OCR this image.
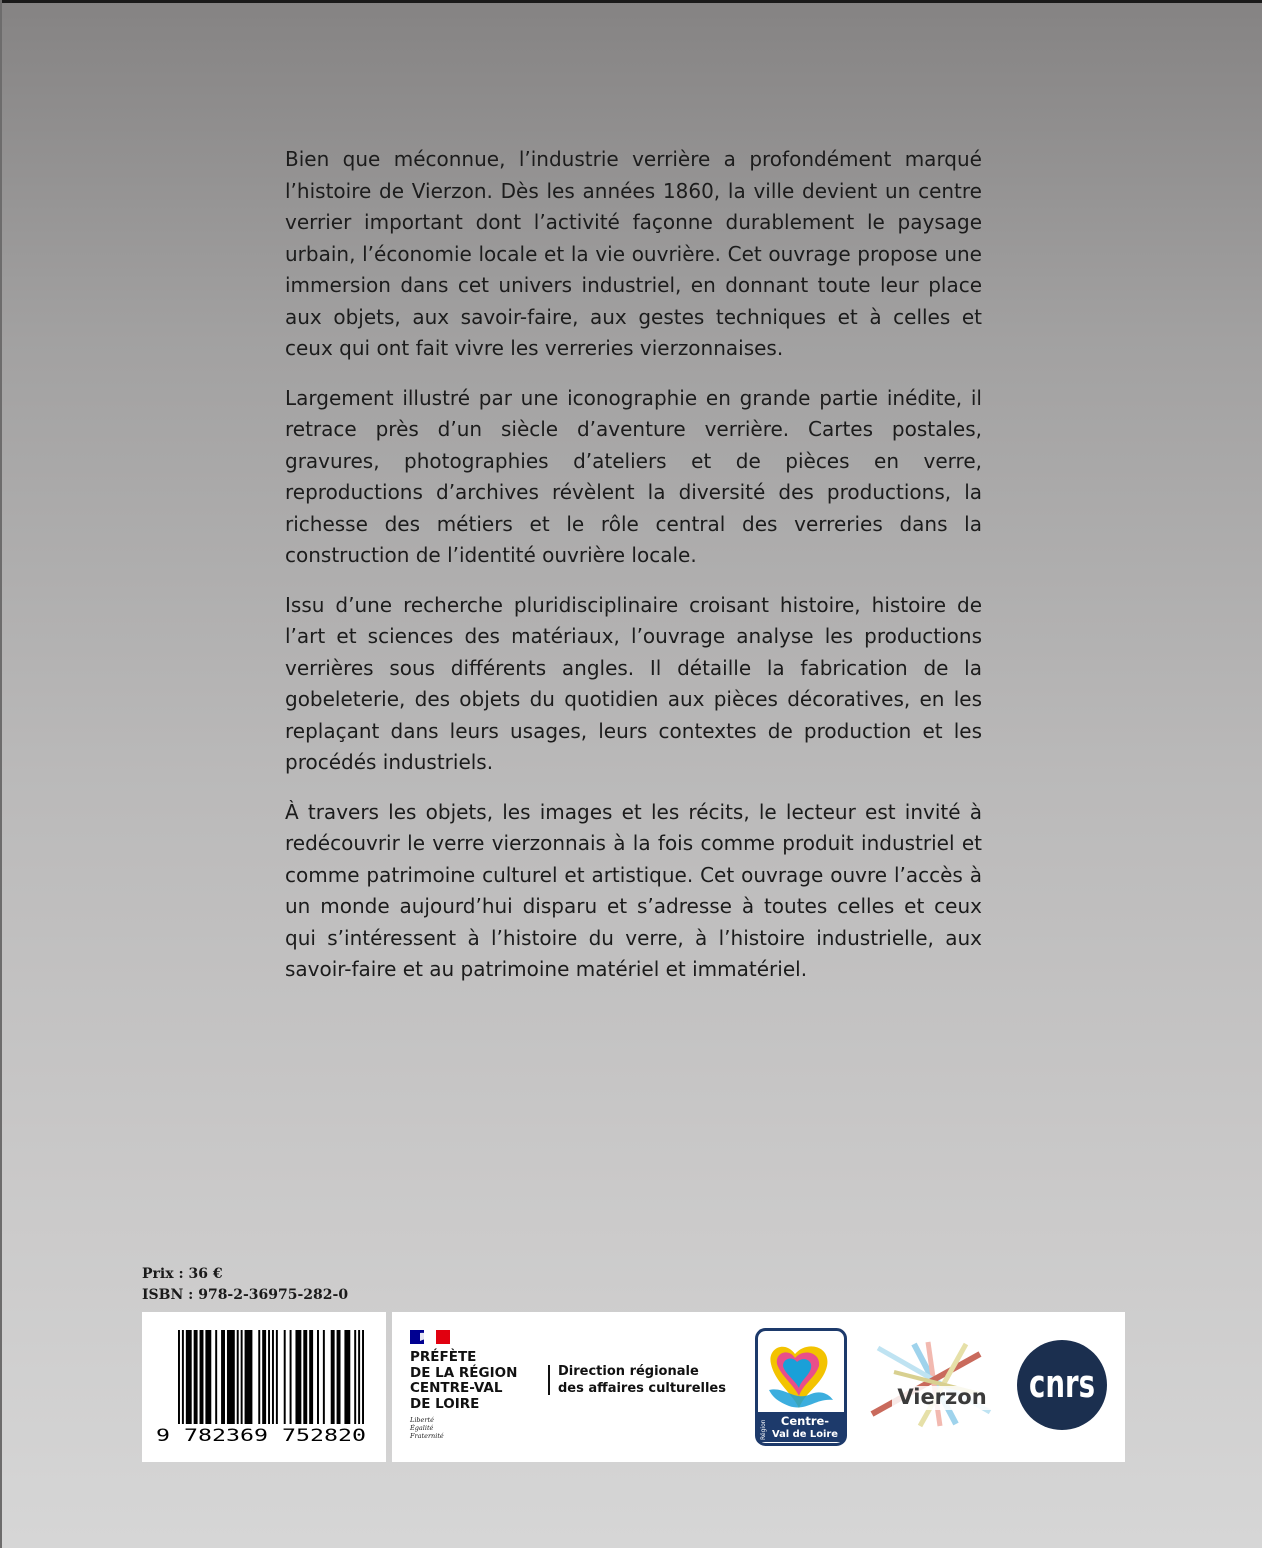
Bien que méconnue, l’industrie verrière a profondément marqué l’histoire de Vierzon. Dès les années 1860, la ville devient un centre verrier important dont l’activité façonne durablement le paysage urbain, l’économie locale et la vie ouvrière. Cet ouvrage propose une immersion dans cet univers industriel, en donnant toute leur place aux objets, aux savoir-faire, aux gestes techniques et à celles et ceux qui ont fait vivre les verreries vierzonnaises.

Largement illustré par une iconographie en grande partie inédite, il retrace près d’un siècle d’aventure verrière. Cartes postales, gravures, photographies d’ateliers et de pièces en verre, reproductions d’archives révèlent la diversité des productions, la richesse des métiers et le rôle central des verreries dans la construction de l’identité ouvrière locale.

Issu d’une recherche pluridisciplinaire croisant histoire, histoire de l’art et sciences des matériaux, l’ouvrage analyse les productions verrières sous différents angles. Il détaille la fabrication de la gobeleterie, des objets du quotidien aux pièces décoratives, en les replaçant dans leurs usages, leurs contextes de production et les procédés industriels.

À travers les objets, les images et les récits, le lecteur est invité à redécouvrir le verre vierzonnais à la fois comme produit industriel et comme patrimoine culturel et artistique. Cet ouvrage ouvre l’accès à un monde aujourd’hui disparu et s’adresse à toutes celles et ceux qui s’intéressent à l’histoire du verre, à l’histoire industrielle, aux savoir-faire et au patrimoine matériel et immatériel.

Prix : 36 €
ISBN : 978-2-36975-282-0
9 782369 752820
PRÉFÈTE
DE LA RÉGION
CENTRE-VAL
DE LOIRE
Liberté
Égalité
Fraternité
Direction régionale
des affaires culturelles
Région Centre-
Val de Loire
Vierzon cnrs
